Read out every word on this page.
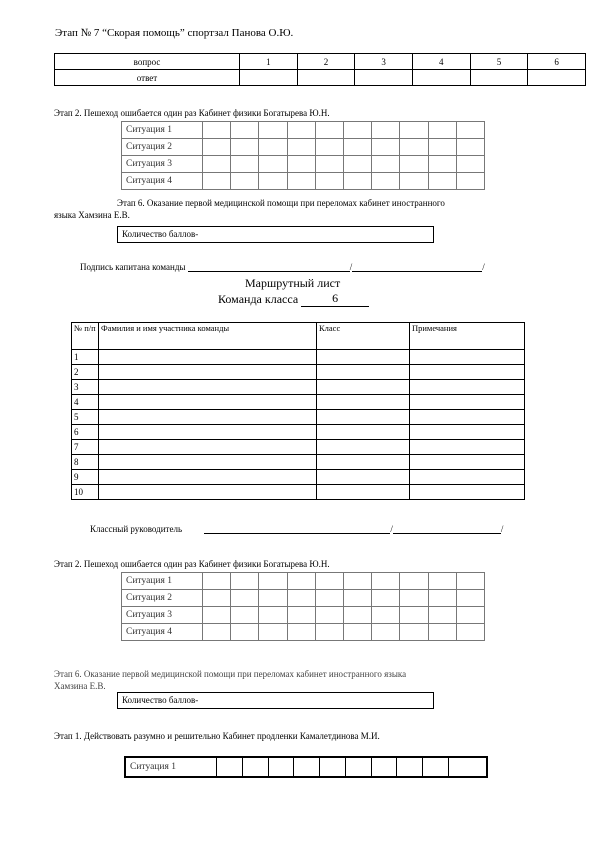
Этап № 7 “Скорая помощь” спортзал Панова О.Ю.
вопрос	1	2	3	4	5	6
ответ						
Этап 2. Пешеход ошибается один раз Кабинет физики Богатырева Ю.Н.
Ситуация 1										
Ситуация 2										
Ситуация 3										
Ситуация 4										
Этап 6. Оказание первой медицинской помощи при переломах кабинет иностранного
языка Хамзина Е.В.
Количество баллов-
Подпись капитана команды	/	/
Маршрутный лист
Команда класса	6
№ п/п	Фамилия и имя участника команды	Класс	Примечания
1			
2			
3			
4			
5			
6			
7			
8			
9			
10			
Классный руководитель	/	/
Этап 2. Пешеход ошибается один раз Кабинет физики Богатырева Ю.Н.
Ситуация 1										
Ситуация 2										
Ситуация 3										
Ситуация 4										
Этап 6. Оказание первой медицинской помощи при переломах кабинет иностранного языка
Хамзина Е.В.
Количество баллов-
Этап 1. Действовать разумно и решительно Кабинет продленки Камалетдинова М.И.
Ситуация 1										
